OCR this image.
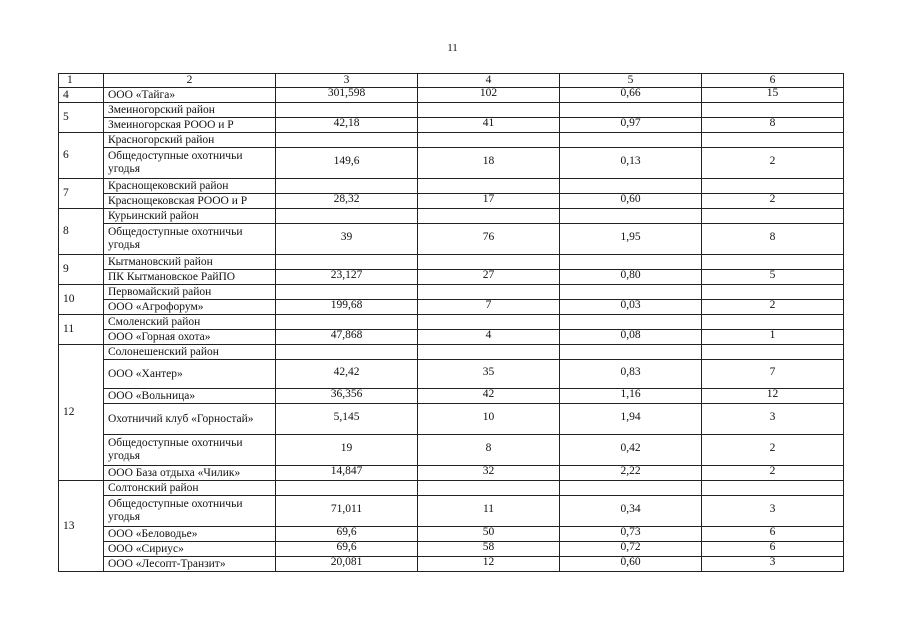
11
1	2	3	4	5	6
4	ООО «Тайга»	301,598	102	0,66	15
5	Змеиногорский район				
	Змеиногорская РООО и Р	42,18	41	0,97	8
6	Красногорский район				
	Общедоступные охотничьи угодья	149,6	18	0,13	2
7	Краснощековский район				
	Краснощековская РООО и Р	28,32	17	0,60	2
8	Курьинский район				
	Общедоступные охотничьи угодья	39	76	1,95	8
9	Кытмановский район				
	ПК Кытмановское РайПО	23,127	27	0,80	5
10	Первомайский район				
	ООО «Агрофорум»	199,68	7	0,03	2
11	Смоленский район				
	ООО «Горная охота»	47,868	4	0,08	1
12	Солонешенский район				
	ООО «Хантер»	42,42	35	0,83	7
	ООО «Вольница»	36,356	42	1,16	12
	Охотничий клуб «Горностай»	5,145	10	1,94	3
	Общедоступные охотничьи угодья	19	8	0,42	2
	ООО База отдыха «Чилик»	14,847	32	2,22	2
13	Солтонский район				
	Общедоступные охотничьи угодья	71,011	11	0,34	3
	ООО «Беловодье»	69,6	50	0,73	6
	ООО «Сириус»	69,6	58	0,72	6
	ООО «Лесопт-Транзит»	20,081	12	0,60	3
